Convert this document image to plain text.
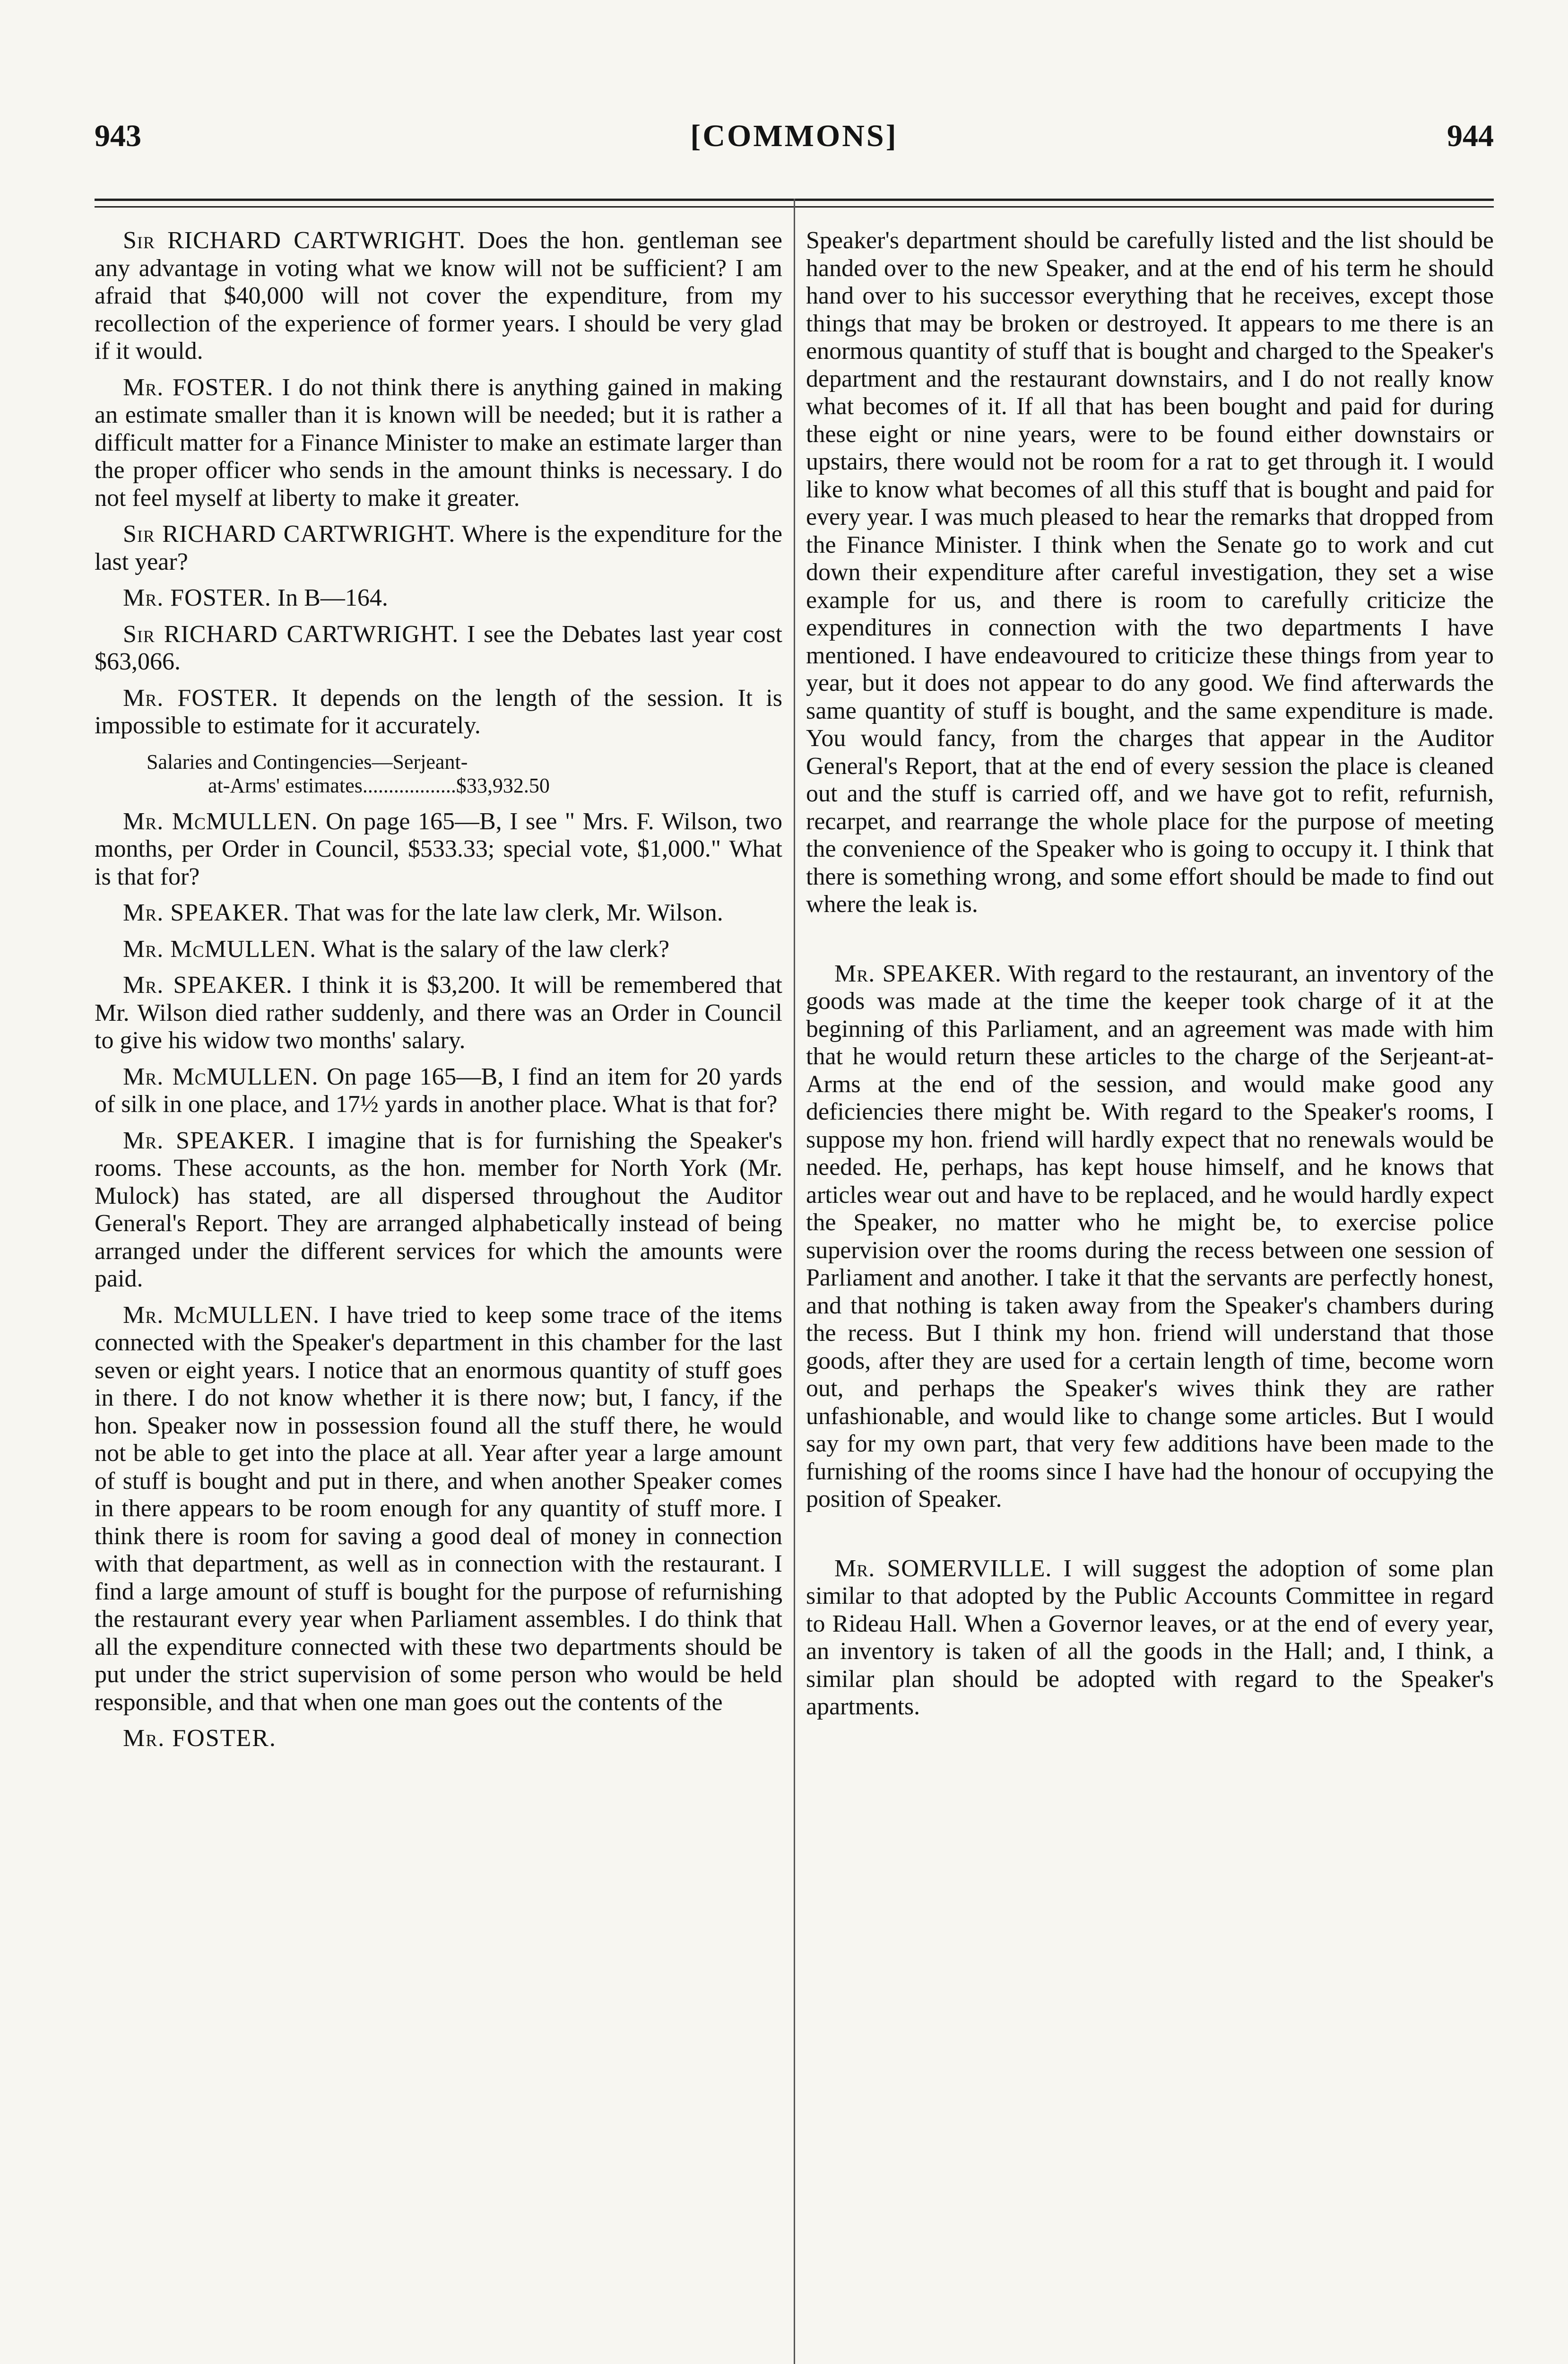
943	[COMMONS]	944

Sir RICHARD CARTWRIGHT. Does the hon. gentleman see any advantage in voting what we know will not be sufficient? I am afraid that $40,000 will not cover the expenditure, from my recollection of the experience of former years. I should be very glad if it would.

Mr. FOSTER. I do not think there is anything gained in making an estimate smaller than it is known will be needed; but it is rather a difficult matter for a Finance Minister to make an estimate larger than the proper officer who sends in the amount thinks is necessary. I do not feel myself at liberty to make it greater.

Sir RICHARD CARTWRIGHT. Where is the expenditure for the last year?

Mr. FOSTER. In B—164.

Sir RICHARD CARTWRIGHT. I see the Debates last year cost $63,066.

Mr. FOSTER. It depends on the length of the session. It is impossible to estimate for it accurately.

Salaries and Contingencies—Serjeant-
at-Arms' estimates..................$33,932.50

Mr. McMULLEN. On page 165—B, I see " Mrs. F. Wilson, two months, per Order in Council, $533.33; special vote, $1,000." What is that for?

Mr. SPEAKER. That was for the late law clerk, Mr. Wilson.

Mr. McMULLEN. What is the salary of the law clerk?

Mr. SPEAKER. I think it is $3,200. It will be remembered that Mr. Wilson died rather suddenly, and there was an Order in Council to give his widow two months' salary.

Mr. McMULLEN. On page 165—B, I find an item for 20 yards of silk in one place, and 17½ yards in another place. What is that for?

Mr. SPEAKER. I imagine that is for furnishing the Speaker's rooms. These accounts, as the hon. member for North York (Mr. Mulock) has stated, are all dispersed throughout the Auditor General's Report. They are arranged alphabetically instead of being arranged under the different services for which the amounts were paid.

Mr. McMULLEN. I have tried to keep some trace of the items connected with the Speaker's department in this chamber for the last seven or eight years. I notice that an enormous quantity of stuff goes in there. I do not know whether it is there now; but, I fancy, if the hon. Speaker now in possession found all the stuff there, he would not be able to get into the place at all. Year after year a large amount of stuff is bought and put in there, and when another Speaker comes in there appears to be room enough for any quantity of stuff more. I think there is room for saving a good deal of money in connection with that department, as well as in connection with the restaurant. I find a large amount of stuff is bought for the purpose of refurnishing the restaurant every year when Parliament assembles. I do think that all the expenditure connected with these two departments should be put under the strict supervision of some person who would be held responsible, and that when one man goes out the contents of the

Mr. FOSTER.

Speaker's department should be carefully listed and the list should be handed over to the new Speaker, and at the end of his term he should hand over to his successor everything that he receives, except those things that may be broken or destroyed. It appears to me there is an enormous quantity of stuff that is bought and charged to the Speaker's department and the restaurant downstairs, and I do not really know what becomes of it. If all that has been bought and paid for during these eight or nine years, were to be found either downstairs or upstairs, there would not be room for a rat to get through it. I would like to know what becomes of all this stuff that is bought and paid for every year. I was much pleased to hear the remarks that dropped from the Finance Minister. I think when the Senate go to work and cut down their expenditure after careful investigation, they set a wise example for us, and there is room to carefully criticize the expenditures in connection with the two departments I have mentioned. I have endeavoured to criticize these things from year to year, but it does not appear to do any good. We find afterwards the same quantity of stuff is bought, and the same expenditure is made. You would fancy, from the charges that appear in the Auditor General's Report, that at the end of every session the place is cleaned out and the stuff is carried off, and we have got to refit, refurnish, recarpet, and rearrange the whole place for the purpose of meeting the convenience of the Speaker who is going to occupy it. I think that there is something wrong, and some effort should be made to find out where the leak is.

Mr. SPEAKER. With regard to the restaurant, an inventory of the goods was made at the time the keeper took charge of it at the beginning of this Parliament, and an agreement was made with him that he would return these articles to the charge of the Serjeant-at-Arms at the end of the session, and would make good any deficiencies there might be. With regard to the Speaker's rooms, I suppose my hon. friend will hardly expect that no renewals would be needed. He, perhaps, has kept house himself, and he knows that articles wear out and have to be replaced, and he would hardly expect the Speaker, no matter who he might be, to exercise police supervision over the rooms during the recess between one session of Parliament and another. I take it that the servants are perfectly honest, and that nothing is taken away from the Speaker's chambers during the recess. But I think my hon. friend will understand that those goods, after they are used for a certain length of time, become worn out, and perhaps the Speaker's wives think they are rather unfashionable, and would like to change some articles. But I would say for my own part, that very few additions have been made to the furnishing of the rooms since I have had the honour of occupying the position of Speaker.

Mr. SOMERVILLE. I will suggest the adoption of some plan similar to that adopted by the Public Accounts Committee in regard to Rideau Hall. When a Governor leaves, or at the end of every year, an inventory is taken of all the goods in the Hall; and, I think, a similar plan should be adopted with regard to the Speaker's apartments.
